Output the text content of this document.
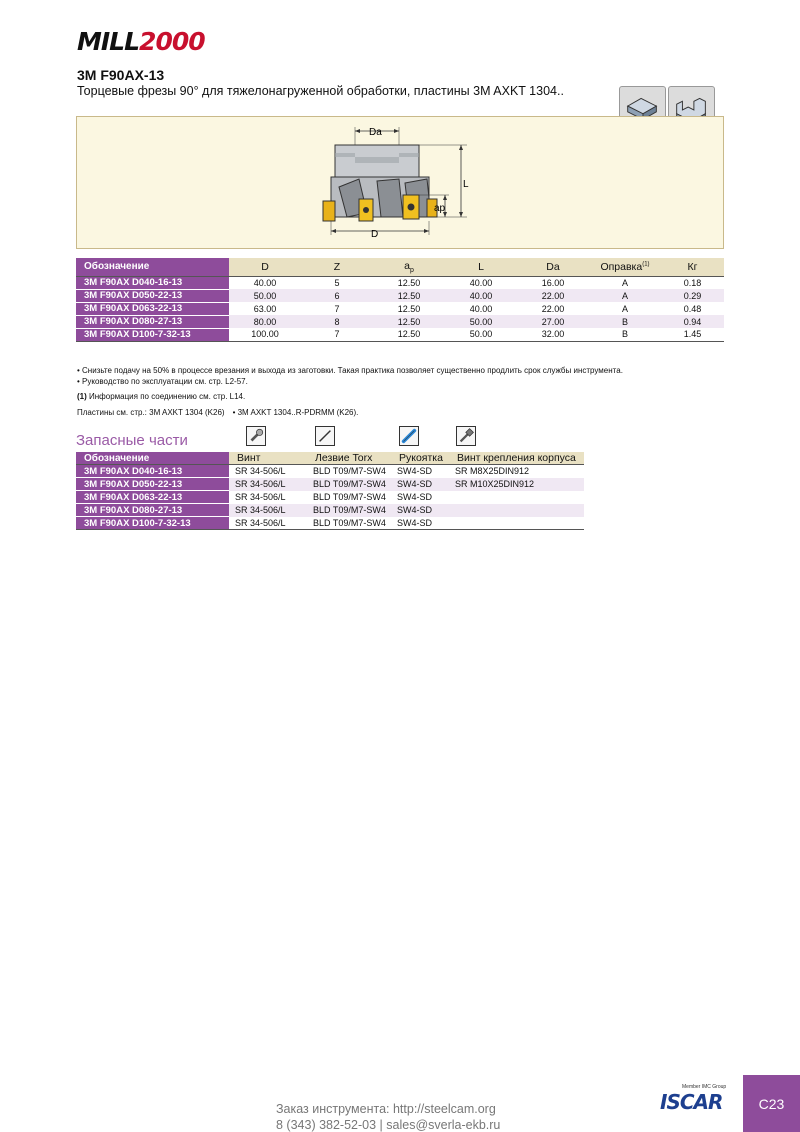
MILL2000
3M F90AX-13
Торцевые фрезы 90° для тяжелонагруженной обработки, пластины 3M AXKT 1304..
Da
D
L
ap
Обозначение	D	Z	$a_p$	L	Da	Оправка$^{(1)}$	Кг
3M F90AX D040-16-13	40.00	5	12.50	40.00	16.00	A	0.18
3M F90AX D050-22-13	50.00	6	12.50	40.00	22.00	A	0.29
3M F90AX D063-22-13	63.00	7	12.50	40.00	22.00	A	0.48
3M F90AX D080-27-13	80.00	8	12.50	50.00	27.00	B	0.94
3M F90AX D100-7-32-13	100.00	7	12.50	50.00	32.00	B	1.45
• Снизьте подачу на 50% в процессе врезания и выхода из заготовки. Такая практика позволяет существенно продлить срок службы инструмента.
• Руководство по эксплуатации см. стр. L2-57.
(1) Информация по соединению см. стр. L14.
Пластины см. стр.: 3M AXKT 1304 (K26) • 3M AXKT 1304..R-PDRMM (K26).
Запасные части
Обозначение	Винт	Лезвие Torx	Рукоятка	Винт крепления корпуса
3M F90AX D040-16-13	SR 34-506/L	BLD T09/M7-SW4	SW4-SD	SR M8X25DIN912
3M F90AX D050-22-13	SR 34-506/L	BLD T09/M7-SW4	SW4-SD	SR M10X25DIN912
3M F90AX D063-22-13	SR 34-506/L	BLD T09/M7-SW4	SW4-SD	
3M F90AX D080-27-13	SR 34-506/L	BLD T09/M7-SW4	SW4-SD	
3M F90AX D100-7-32-13	SR 34-506/L	BLD T09/M7-SW4	SW4-SD	
Заказ инструмента: http://steelcam.org
8 (343) 382-52-03 | sales@sverla-ekb.ru
Member IMC Group
ISCAR	C23
